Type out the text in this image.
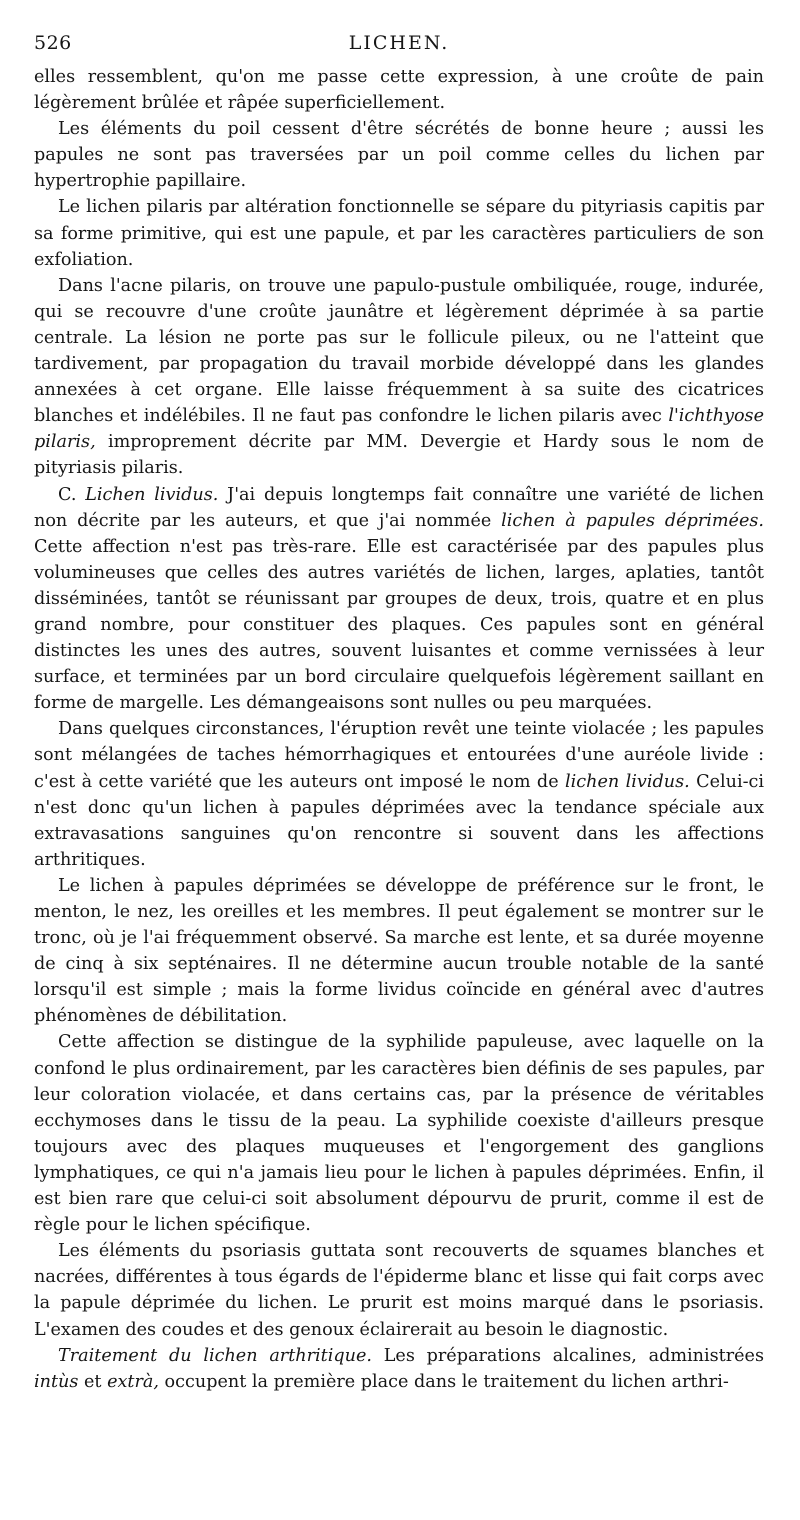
526	LICHEN.

elles ressemblent, qu'on me passe cette expression, à une croûte de pain légèrement brûlée et râpée superficiellement.

Les éléments du poil cessent d'être sécrétés de bonne heure ; aussi les papules ne sont pas traversées par un poil comme celles du lichen par hypertrophie papillaire.

Le lichen pilaris par altération fonctionnelle se sépare du pityriasis capitis par sa forme primitive, qui est une papule, et par les caractères particuliers de son exfoliation.

Dans l'acne pilaris, on trouve une papulo-pustule ombiliquée, rouge, indurée, qui se recouvre d'une croûte jaunâtre et légèrement déprimée à sa partie centrale. La lésion ne porte pas sur le follicule pileux, ou ne l'atteint que tardivement, par propagation du travail morbide développé dans les glandes annexées à cet organe. Elle laisse fréquemment à sa suite des cicatrices blanches et indélébiles. Il ne faut pas confondre le lichen pilaris avec l'ichthyose pilaris, improprement décrite par MM. Devergie et Hardy sous le nom de pityriasis pilaris.

C. Lichen lividus. J'ai depuis longtemps fait connaître une variété de lichen non décrite par les auteurs, et que j'ai nommée lichen à papules déprimées. Cette affection n'est pas très-rare. Elle est caractérisée par des papules plus volumineuses que celles des autres variétés de lichen, larges, aplaties, tantôt disséminées, tantôt se réunissant par groupes de deux, trois, quatre et en plus grand nombre, pour constituer des plaques. Ces papules sont en général distinctes les unes des autres, souvent luisantes et comme vernissées à leur surface, et terminées par un bord circulaire quelquefois légèrement saillant en forme de margelle. Les démangeaisons sont nulles ou peu marquées.

Dans quelques circonstances, l'éruption revêt une teinte violacée ; les papules sont mélangées de taches hémorrhagiques et entourées d'une auréole livide : c'est à cette variété que les auteurs ont imposé le nom de lichen lividus. Celui-ci n'est donc qu'un lichen à papules déprimées avec la tendance spéciale aux extravasations sanguines qu'on rencontre si souvent dans les affections arthritiques.

Le lichen à papules déprimées se développe de préférence sur le front, le menton, le nez, les oreilles et les membres. Il peut également se montrer sur le tronc, où je l'ai fréquemment observé. Sa marche est lente, et sa durée moyenne de cinq à six septénaires. Il ne détermine aucun trouble notable de la santé lorsqu'il est simple ; mais la forme lividus coïncide en général avec d'autres phénomènes de débilitation.

Cette affection se distingue de la syphilide papuleuse, avec laquelle on la confond le plus ordinairement, par les caractères bien définis de ses papules, par leur coloration violacée, et dans certains cas, par la présence de véritables ecchymoses dans le tissu de la peau. La syphilide coexiste d'ailleurs presque toujours avec des plaques muqueuses et l'engorgement des ganglions lymphatiques, ce qui n'a jamais lieu pour le lichen à papules déprimées. Enfin, il est bien rare que celui-ci soit absolument dépourvu de prurit, comme il est de règle pour le lichen spécifique.

Les éléments du psoriasis guttata sont recouverts de squames blanches et nacrées, différentes à tous égards de l'épiderme blanc et lisse qui fait corps avec la papule déprimée du lichen. Le prurit est moins marqué dans le psoriasis. L'examen des coudes et des genoux éclairerait au besoin le diagnostic.

Traitement du lichen arthritique. Les préparations alcalines, administrées intùs et extrà, occupent la première place dans le traitement du lichen arthri-
